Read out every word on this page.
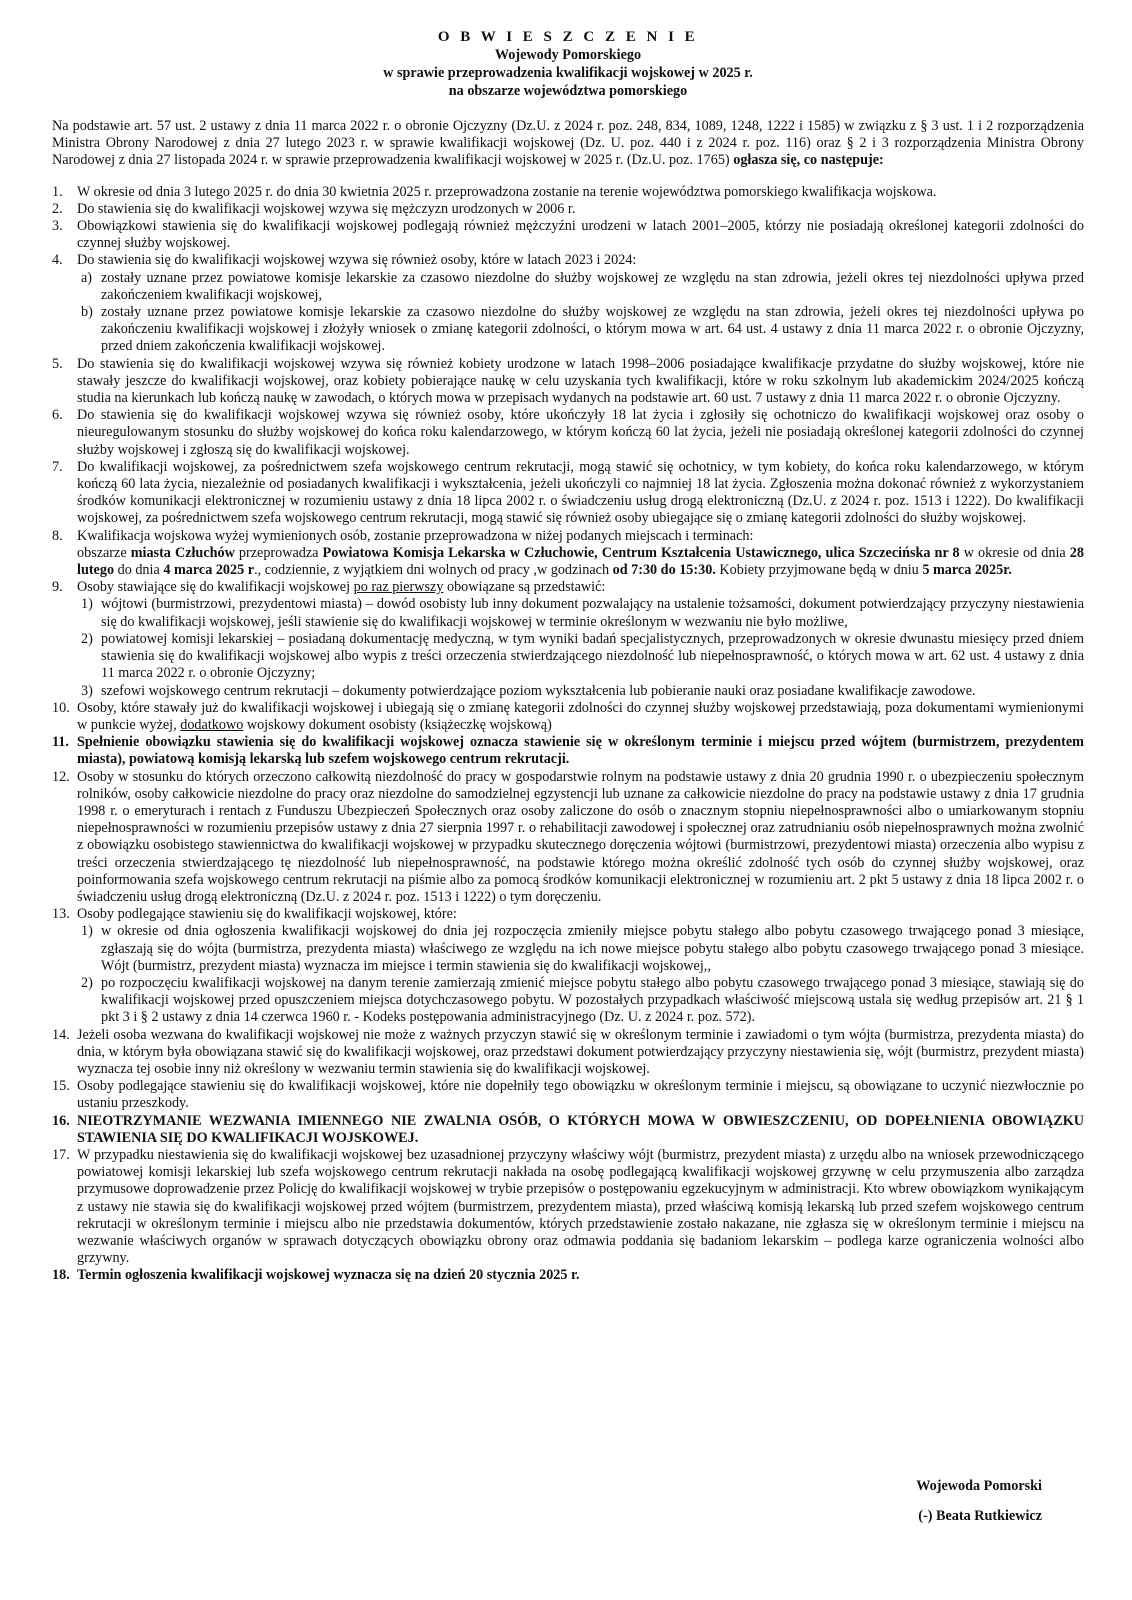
O B W I E S Z C Z E N I E
Wojewody Pomorskiego
w sprawie przeprowadzenia kwalifikacji wojskowej w 2025 r.
na obszarze województwa pomorskiego
Na podstawie art. 57 ust. 2 ustawy z dnia 11 marca 2022 r. o obronie Ojczyzny (Dz.U. z 2024 r. poz. 248, 834, 1089, 1248, 1222 i 1585) w związku z § 3 ust. 1 i 2 rozporządzenia Ministra Obrony Narodowej z dnia 27 lutego 2023 r. w sprawie kwalifikacji wojskowej (Dz. U. poz. 440 i z 2024 r. poz. 116) oraz § 2 i 3 rozporządzenia Ministra Obrony Narodowej z dnia 27 listopada 2024 r. w sprawie przeprowadzenia kwalifikacji wojskowej w 2025 r. (Dz.U. poz. 1765) ogłasza się, co następuje:
1. W okresie od dnia 3 lutego 2025 r. do dnia 30 kwietnia 2025 r. przeprowadzona zostanie na terenie województwa pomorskiego kwalifikacja wojskowa.
2. Do stawienia się do kwalifikacji wojskowej wzywa się mężczyzn urodzonych w 2006 r.
3. Obowiązkowi stawienia się do kwalifikacji wojskowej podlegają również mężczyźni urodzeni w latach 2001–2005, którzy nie posiadają określonej kategorii zdolności do czynnej służby wojskowej.
4. Do stawienia się do kwalifikacji wojskowej wzywa się również osoby, które w latach 2023 i 2024:
a) zostały uznane przez powiatowe komisje lekarskie za czasowo niezdolne do służby wojskowej ze względu na stan zdrowia, jeżeli okres tej niezdolności upływa przed zakończeniem kwalifikacji wojskowej,
b) zostały uznane przez powiatowe komisje lekarskie za czasowo niezdolne do służby wojskowej ze względu na stan zdrowia, jeżeli okres tej niezdolności upływa po zakończeniu kwalifikacji wojskowej i złożyły wniosek o zmianę kategorii zdolności, o którym mowa w art. 64 ust. 4 ustawy z dnia 11 marca 2022 r. o obronie Ojczyzny, przed dniem zakończenia kwalifikacji wojskowej.
5. Do stawienia się do kwalifikacji wojskowej wzywa się również kobiety urodzone w latach 1998–2006 posiadające kwalifikacje przydatne do służby wojskowej, które nie stawały jeszcze do kwalifikacji wojskowej, oraz kobiety pobierające naukę w celu uzyskania tych kwalifikacji, które w roku szkolnym lub akademickim 2024/2025 kończą studia na kierunkach lub kończą naukę w zawodach, o których mowa w przepisach wydanych na podstawie art. 60 ust. 7 ustawy z dnia 11 marca 2022 r. o obronie Ojczyzny.
6. Do stawienia się do kwalifikacji wojskowej wzywa się również osoby, które ukończyły 18 lat życia i zgłosiły się ochotniczo do kwalifikacji wojskowej oraz osoby o nieuregulowanym stosunku do służby wojskowej do końca roku kalendarzowego, w którym kończą 60 lat życia, jeżeli nie posiadają określonej kategorii zdolności do czynnej służby wojskowej i zgłoszą się do kwalifikacji wojskowej.
7. Do kwalifikacji wojskowej, za pośrednictwem szefa wojskowego centrum rekrutacji, mogą stawić się ochotnicy, w tym kobiety, do końca roku kalendarzowego, w którym kończą 60 lata życia, niezależnie od posiadanych kwalifikacji i wykształcenia, jeżeli ukończyli co najmniej 18 lat życia. Zgłoszenia można dokonać również z wykorzystaniem środków komunikacji elektronicznej w rozumieniu ustawy z dnia 18 lipca 2002 r. o świadczeniu usług drogą elektroniczną (Dz.U. z 2024 r. poz. 1513 i 1222). Do kwalifikacji wojskowej, za pośrednictwem szefa wojskowego centrum rekrutacji, mogą stawić się również osoby ubiegające się o zmianę kategorii zdolności do służby wojskowej.
8. Kwalifikacja wojskowa wyżej wymienionych osób, zostanie przeprowadzona w niżej podanych miejscach i terminach:
obszarze miasta Człuchów przeprowadza Powiatowa Komisja Lekarska w Człuchowie, Centrum Kształcenia Ustawicznego, ulica Szczecińska nr 8 w okresie od dnia 28 lutego do dnia 4 marca 2025 r., codziennie, z wyjątkiem dni wolnych od pracy ,w godzinach od 7:30 do 15:30. Kobiety przyjmowane będą w dniu 5 marca 2025r.
9. Osoby stawiające się do kwalifikacji wojskowej po raz pierwszy obowiązane są przedstawić:
1) wójtowi (burmistrzowi, prezydentowi miasta) – dowód osobisty lub inny dokument pozwalający na ustalenie tożsamości, dokument potwierdzający przyczyny niestawienia się do kwalifikacji wojskowej, jeśli stawienie się do kwalifikacji wojskowej w terminie określonym w wezwaniu nie było możliwe,
2) powiatowej komisji lekarskiej – posiadaną dokumentację medyczną, w tym wyniki badań specjalistycznych, przeprowadzonych w okresie dwunastu miesięcy przed dniem stawienia się do kwalifikacji wojskowej albo wypis z treści orzeczenia stwierdzającego niezdolność lub niepełnosprawność, o których mowa w art. 62 ust. 4 ustawy z dnia 11 marca 2022 r. o obronie Ojczyzny;
3) szefowi wojskowego centrum rekrutacji – dokumenty potwierdzające poziom wykształcenia lub pobieranie nauki oraz posiadane kwalifikacje zawodowe.
10. Osoby, które stawały już do kwalifikacji wojskowej i ubiegają się o zmianę kategorii zdolności do czynnej służby wojskowej przedstawiają, poza dokumentami wymienionymi w punkcie wyżej, dodatkowo wojskowy dokument osobisty (książeczkę wojskową)
11. Spełnienie obowiązku stawienia się do kwalifikacji wojskowej oznacza stawienie się w określonym terminie i miejscu przed wójtem (burmistrzem, prezydentem miasta), powiatową komisją lekarską lub szefem wojskowego centrum rekrutacji.
12. Osoby w stosunku do których orzeczono całkowitą niezdolność do pracy w gospodarstwie rolnym na podstawie ustawy z dnia 20 grudnia 1990 r. o ubezpieczeniu społecznym rolników, osoby całkowicie niezdolne do pracy oraz niezdolne do samodzielnej egzystencji lub uznane za całkowicie niezdolne do pracy na podstawie ustawy z dnia 17 grudnia 1998 r. o emeryturach i rentach z Funduszu Ubezpieczeń Społecznych oraz osoby zaliczone do osób o znacznym stopniu niepełnosprawności albo o umiarkowanym stopniu niepełnosprawności w rozumieniu przepisów ustawy z dnia 27 sierpnia 1997 r. o rehabilitacji zawodowej i społecznej oraz zatrudnianiu osób niepełnosprawnych można zwolnić z obowiązku osobistego stawiennictwa do kwalifikacji wojskowej w przypadku skutecznego doręczenia wójtowi (burmistrzowi, prezydentowi miasta) orzeczenia albo wypisu z treści orzeczenia stwierdzającego tę niezdolność lub niepełnosprawność, na podstawie którego można określić zdolność tych osób do czynnej służby wojskowej, oraz poinformowania szefa wojskowego centrum rekrutacji na piśmie albo za pomocą środków komunikacji elektronicznej w rozumieniu art. 2 pkt 5 ustawy z dnia 18 lipca 2002 r. o świadczeniu usług drogą elektroniczną (Dz.U. z 2024 r. poz. 1513 i 1222) o tym doręczeniu.
13. Osoby podlegające stawieniu się do kwalifikacji wojskowej, które:
1) w okresie od dnia ogłoszenia kwalifikacji wojskowej do dnia jej rozpoczęcia zmieniły miejsce pobytu stałego albo pobytu czasowego trwającego ponad 3 miesiące, zgłaszają się do wójta (burmistrza, prezydenta miasta) właściwego ze względu na ich nowe miejsce pobytu stałego albo pobytu czasowego trwającego ponad 3 miesiące. Wójt (burmistrz, prezydent miasta) wyznacza im miejsce i termin stawienia się do kwalifikacji wojskowej,,
2) po rozpoczęciu kwalifikacji wojskowej na danym terenie zamierzają zmienić miejsce pobytu stałego albo pobytu czasowego trwającego ponad 3 miesiące, stawiają się do kwalifikacji wojskowej przed opuszczeniem miejsca dotychczasowego pobytu. W pozostałych przypadkach właściwość miejscową ustala się według przepisów art. 21 § 1 pkt 3 i § 2 ustawy z dnia 14 czerwca 1960 r. - Kodeks postępowania administracyjnego (Dz. U. z 2024 r. poz. 572).
14. Jeżeli osoba wezwana do kwalifikacji wojskowej nie może z ważnych przyczyn stawić się w określonym terminie i zawiadomi o tym wójta (burmistrza, prezydenta miasta) do dnia, w którym była obowiązana stawić się do kwalifikacji wojskowej, oraz przedstawi dokument potwierdzający przyczyny niestawienia się, wójt (burmistrz, prezydent miasta) wyznacza tej osobie inny niż określony w wezwaniu termin stawienia się do kwalifikacji wojskowej.
15. Osoby podlegające stawieniu się do kwalifikacji wojskowej, które nie dopełniły tego obowiązku w określonym terminie i miejscu, są obowiązane to uczynić niezwłocznie po ustaniu przeszkody.
16. NIEOTRZYMANIE WEZWANIA IMIENNEGO NIE ZWALNIA OSÓB, O KTÓRYCH MOWA W OBWIESZCZENIU, OD DOPEŁNIENIA OBOWIĄZKU STAWIENIA SIĘ DO KWALIFIKACJI WOJSKOWEJ.
17. W przypadku niestawienia się do kwalifikacji wojskowej bez uzasadnionej przyczyny właściwy wójt (burmistrz, prezydent miasta) z urzędu albo na wniosek przewodniczącego powiatowej komisji lekarskiej lub szefa wojskowego centrum rekrutacji nakłada na osobę podlegającą kwalifikacji wojskowej grzywnę w celu przymuszenia albo zarządza przymusowe doprowadzenie przez Policję do kwalifikacji wojskowej w trybie przepisów o postępowaniu egzekucyjnym w administracji. Kto wbrew obowiązkom wynikającym z ustawy nie stawia się do kwalifikacji wojskowej przed wójtem (burmistrzem, prezydentem miasta), przed właściwą komisją lekarską lub przed szefem wojskowego centrum rekrutacji w określonym terminie i miejscu albo nie przedstawia dokumentów, których przedstawienie zostało nakazane, nie zgłasza się w określonym terminie i miejscu na wezwanie właściwych organów w sprawach dotyczących obowiązku obrony oraz odmawia poddania się badaniom lekarskim – podlega karze ograniczenia wolności albo grzywny.
18. Termin ogłoszenia kwalifikacji wojskowej wyznacza się na dzień 20 stycznia 2025 r.
Wojewoda Pomorski
(-) Beata Rutkiewicz
